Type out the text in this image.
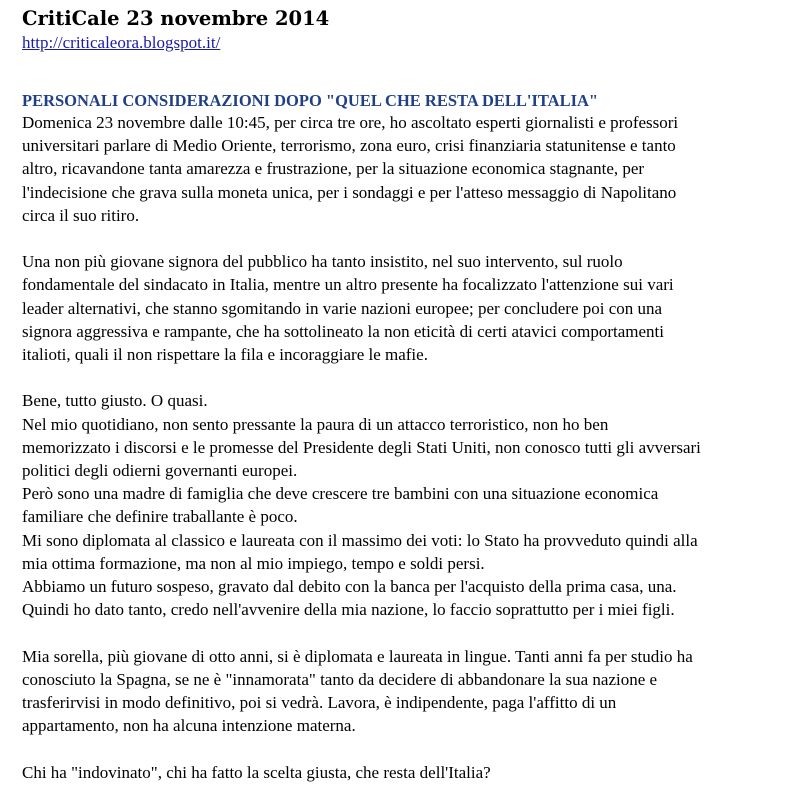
CritiCale 23 novembre 2014
http://criticaleora.blogspot.it/
PERSONALI CONSIDERAZIONI DOPO "QUEL CHE RESTA DELL'ITALIA"

Domenica 23 novembre dalle 10:45, per circa tre ore, ho ascoltato esperti giornalisti e professori
universitari parlare di Medio Oriente, terrorismo, zona euro, crisi finanziaria statunitense e tanto
altro, ricavandone tanta amarezza e frustrazione, per la situazione economica stagnante, per
l'indecisione che grava sulla moneta unica, per i sondaggi e per l'atteso messaggio di Napolitano
circa il suo ritiro.

Una non più giovane signora del pubblico ha tanto insistito, nel suo intervento, sul ruolo
fondamentale del sindacato in Italia, mentre un altro presente ha focalizzato l'attenzione sui vari
leader alternativi, che stanno sgomitando in varie nazioni europee; per concludere poi con una
signora aggressiva e rampante, che ha sottolineato la non eticità di certi atavici comportamenti
italioti, quali il non rispettare la fila e incoraggiare le mafie.

Bene, tutto giusto. O quasi.
Nel mio quotidiano, non sento pressante la paura di un attacco terroristico, non ho ben
memorizzato i discorsi e le promesse del Presidente degli Stati Uniti, non conosco tutti gli avversari
politici degli odierni governanti europei.
Però sono una madre di famiglia che deve crescere tre bambini con una situazione economica
familiare che definire traballante è poco.
Mi sono diplomata al classico e laureata con il massimo dei voti: lo Stato ha provveduto quindi alla
mia ottima formazione, ma non al mio impiego, tempo e soldi persi.
Abbiamo un futuro sospeso, gravato dal debito con la banca per l'acquisto della prima casa, una.
Quindi ho dato tanto, credo nell'avvenire della mia nazione, lo faccio soprattutto per i miei figli.

Mia sorella, più giovane di otto anni, si è diplomata e laureata in lingue. Tanti anni fa per studio ha
conosciuto la Spagna, se ne è "innamorata" tanto da decidere di abbandonare la sua nazione e
trasferirvisi in modo definitivo, poi si vedrà. Lavora, è indipendente, paga l'affitto di un
appartamento, non ha alcuna intenzione materna.

Chi ha "indovinato", chi ha fatto la scelta giusta, che resta dell'Italia?
